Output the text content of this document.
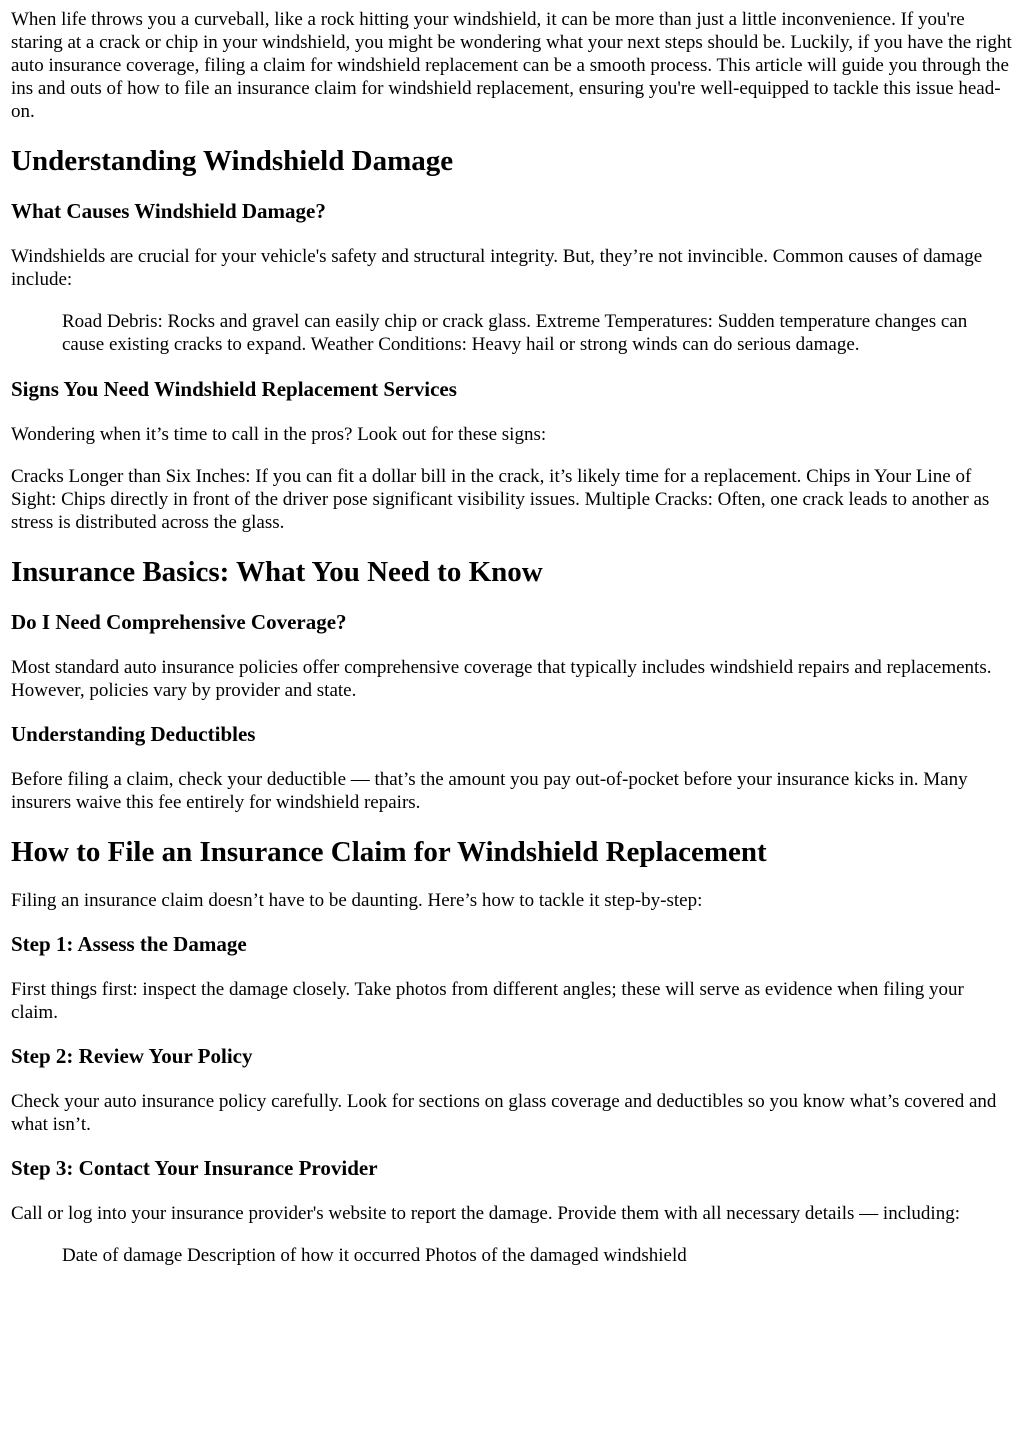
When life throws you a curveball, like a rock hitting your windshield, it can be more than just a little inconvenience. If you're staring at a crack or chip in your windshield, you might be wondering what your next steps should be. Luckily, if you have the right auto insurance coverage, filing a claim for windshield replacement can be a smooth process. This article will guide you through the ins and outs of how to file an insurance claim for windshield replacement, ensuring you're well-equipped to tackle this issue head-on.

Understanding Windshield Damage
What Causes Windshield Damage?

Windshields are crucial for your vehicle's safety and structural integrity. But, they’re not invincible. Common causes of damage include:

Road Debris: Rocks and gravel can easily chip or crack glass. Extreme Temperatures: Sudden temperature changes can cause existing cracks to expand. Weather Conditions: Heavy hail or strong winds can do serious damage.
Signs You Need Windshield Replacement Services

Wondering when it’s time to call in the pros? Look out for these signs:

Cracks Longer than Six Inches: If you can fit a dollar bill in the crack, it’s likely time for a replacement. Chips in Your Line of Sight: Chips directly in front of the driver pose significant visibility issues. Multiple Cracks: Often, one crack leads to another as stress is distributed across the glass.

Insurance Basics: What You Need to Know
Do I Need Comprehensive Coverage?

Most standard auto insurance policies offer comprehensive coverage that typically includes windshield repairs and replacements. However, policies vary by provider and state.

Understanding Deductibles

Before filing a claim, check your deductible — that’s the amount you pay out-of-pocket before your insurance kicks in. Many insurers waive this fee entirely for windshield repairs.

How to File an Insurance Claim for Windshield Replacement

Filing an insurance claim doesn’t have to be daunting. Here’s how to tackle it step-by-step:

Step 1: Assess the Damage

First things first: inspect the damage closely. Take photos from different angles; these will serve as evidence when filing your claim.

Step 2: Review Your Policy

Check your auto insurance policy carefully. Look for sections on glass coverage and deductibles so you know what’s covered and what isn’t.

Step 3: Contact Your Insurance Provider

Call or log into your insurance provider's website to report the damage. Provide them with all necessary details — including:

Date of damage Description of how it occurred Photos of the damaged windshield
